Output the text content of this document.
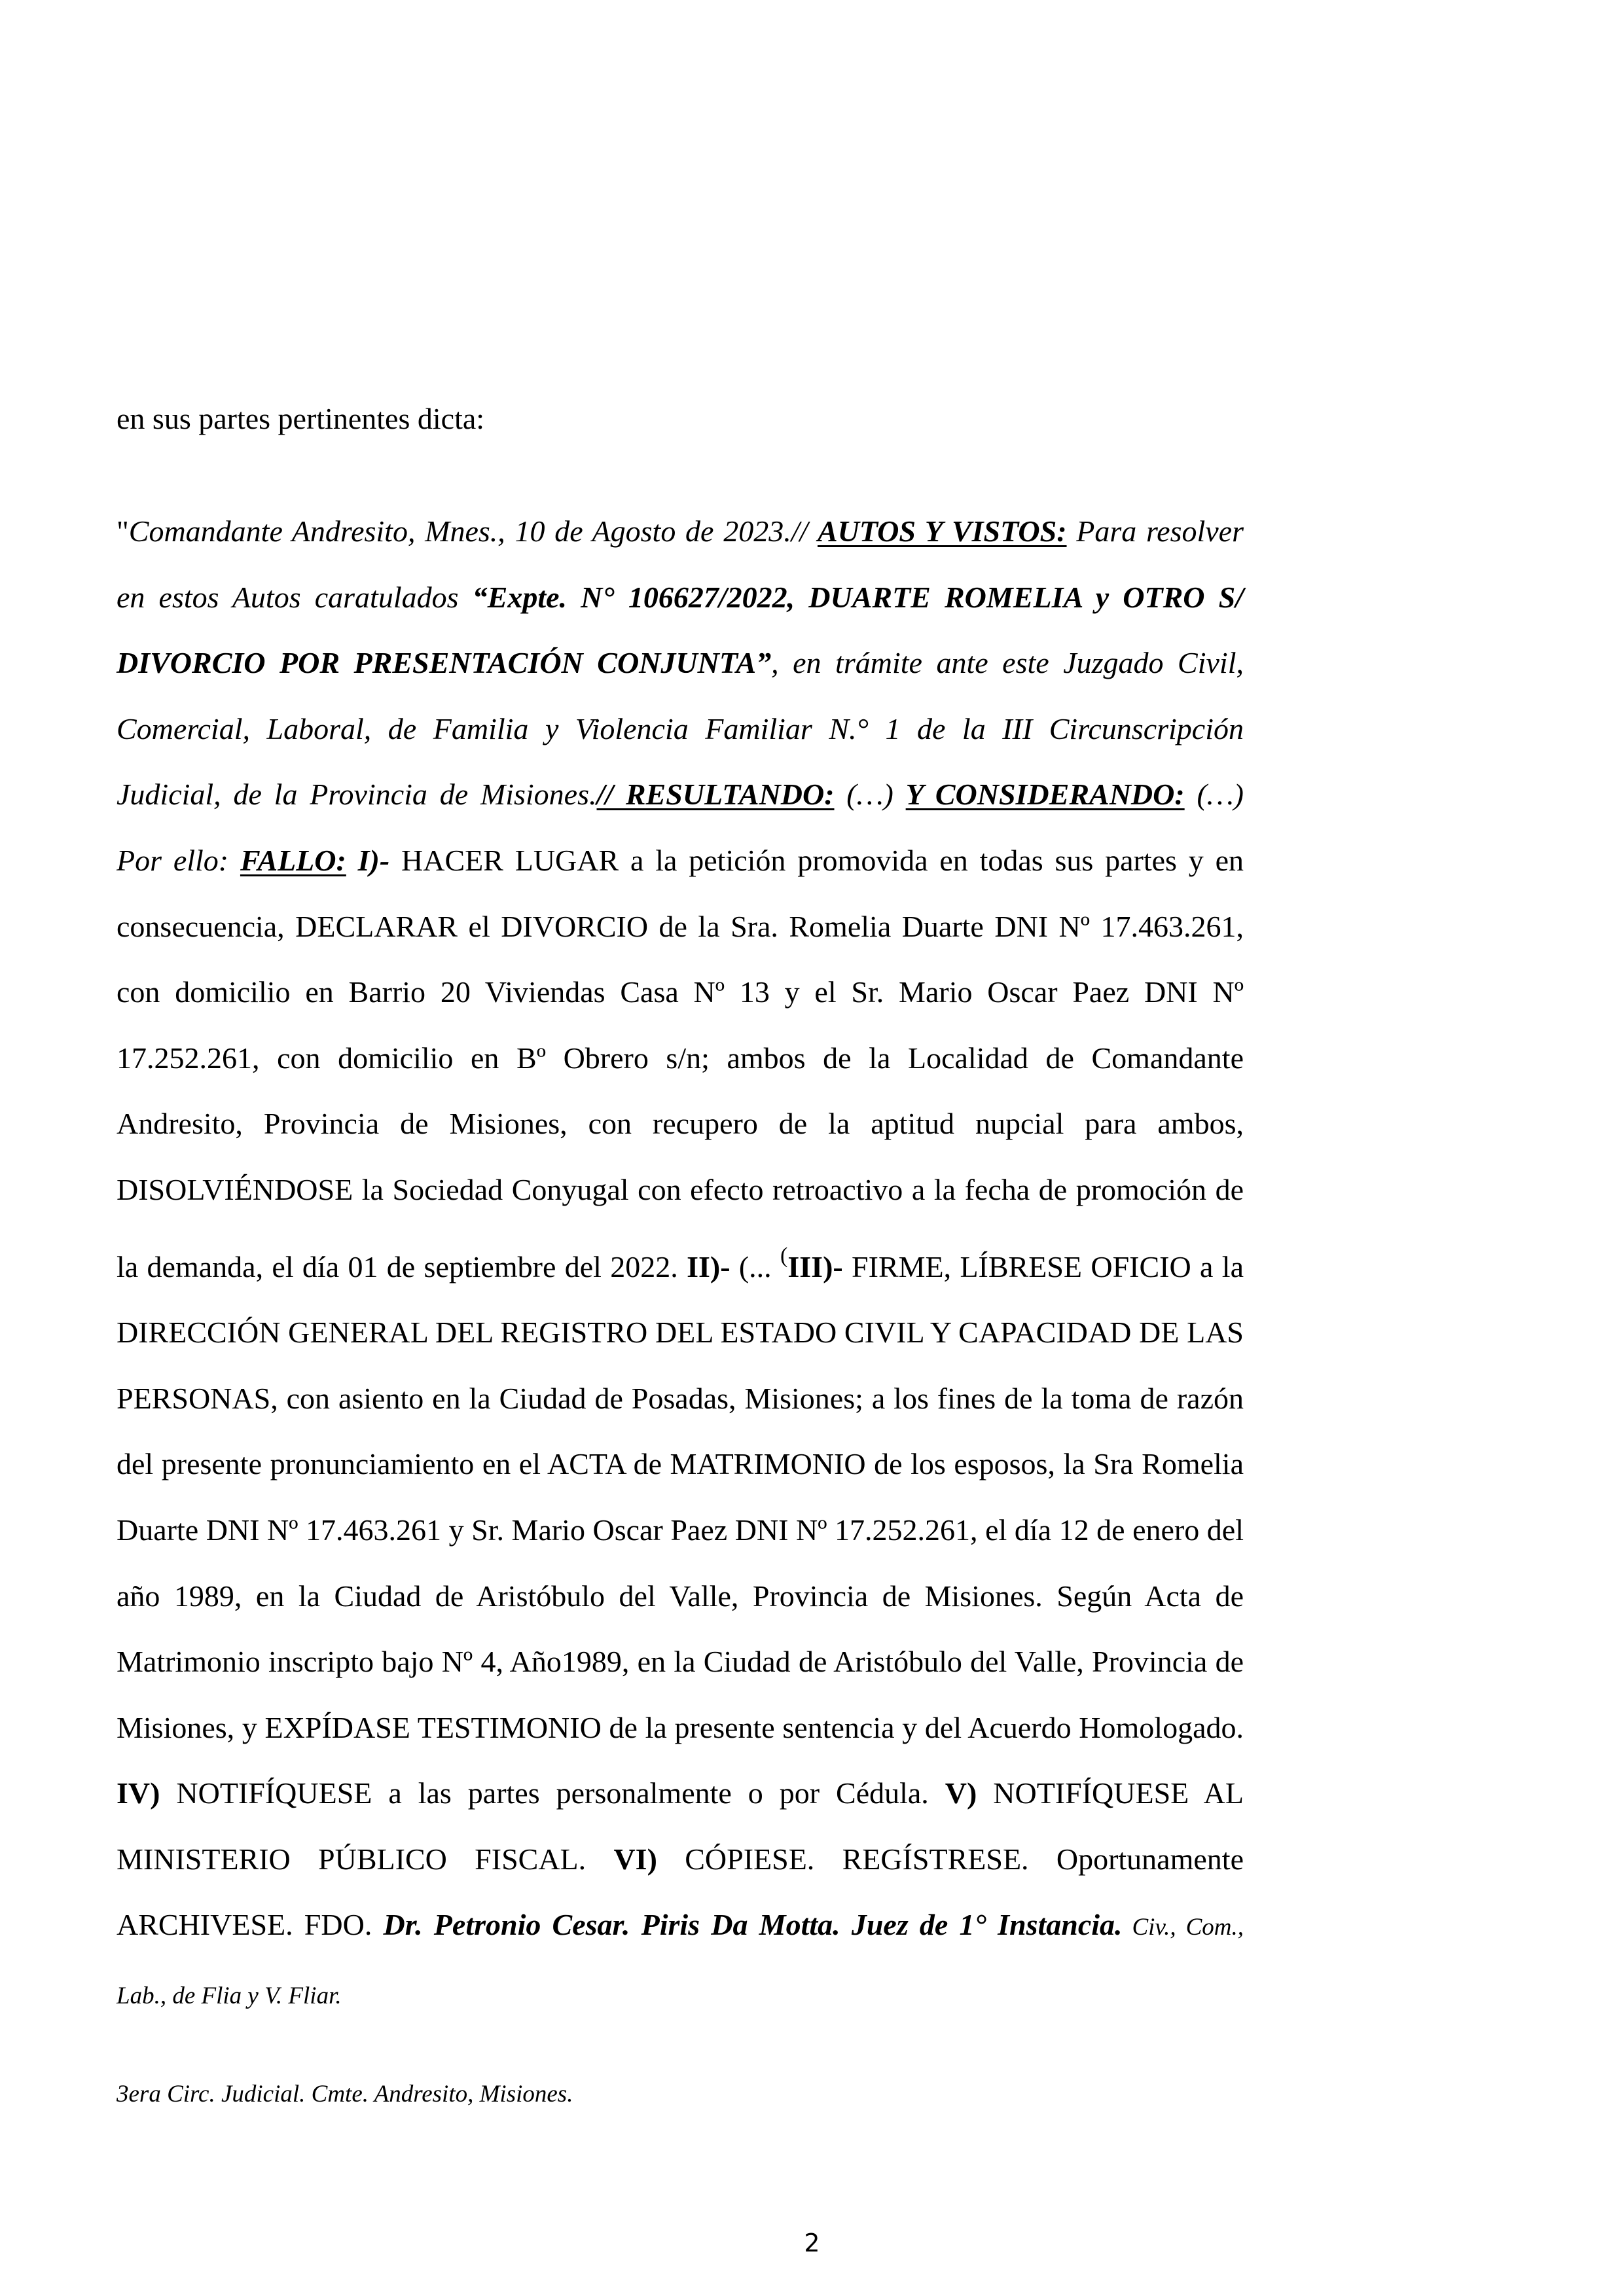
en sus partes pertinentes dicta:

"Comandante Andresito, Mnes., 10 de Agosto de 2023.// AUTOS Y VISTOS: Para resolver en estos Autos caratulados “Expte. N° 106627/2022, DUARTE ROMELIA y OTRO S/ DIVORCIO POR PRESENTACIÓN CONJUNTA”, en trámite ante este Juzgado Civil, Comercial, Laboral, de Familia y Violencia Familiar N.° 1 de la III Circunscripción Judicial, de la Provincia de Misiones.// RESULTANDO: (…) Y CONSIDERANDO: (…) Por ello: FALLO: I)- HACER LUGAR a la petición promovida en todas sus partes y en consecuencia, DECLARAR el DIVORCIO de la Sra. Romelia Duarte DNI Nº 17.463.261, con domicilio en Barrio 20 Viviendas Casa Nº 13 y el Sr. Mario Oscar Paez DNI Nº 17.252.261, con domicilio en Bº Obrero s/n; ambos de la Localidad de Comandante Andresito, Provincia de Misiones, con recupero de la aptitud nupcial para ambos, DISOLVIÉNDOSE la Sociedad Conyugal con efecto retroactivo a la fecha de promoción de la demanda, el día 01 de septiembre del 2022. II)- (... (III)- FIRME, LÍBRESE OFICIO a la DIRECCIÓN GENERAL DEL REGISTRO DEL ESTADO CIVIL Y CAPACIDAD DE LAS PERSONAS, con asiento en la Ciudad de Posadas, Misiones; a los fines de la toma de razón del presente pronunciamiento en el ACTA de MATRIMONIO de los esposos, la Sra Romelia Duarte DNI Nº 17.463.261 y Sr. Mario Oscar Paez DNI Nº 17.252.261, el día 12 de enero del año 1989, en la Ciudad de Aristóbulo del Valle, Provincia de Misiones. Según Acta de Matrimonio inscripto bajo Nº 4, Año1989, en la Ciudad de Aristóbulo del Valle, Provincia de Misiones, y EXPÍDASE TESTIMONIO de la presente sentencia y del Acuerdo Homologado. IV) NOTIFÍQUESE a las partes personalmente o por Cédula. V) NOTIFÍQUESE AL MINISTERIO PÚBLICO FISCAL. VI) CÓPIESE. REGÍSTRESE. Oportunamente ARCHIVESE. FDO. Dr. Petronio Cesar. Piris Da Motta. Juez de 1° Instancia. Civ., Com., Lab., de Flia y V. Fliar.

3era Circ. Judicial. Cmte. Andresito, Misiones.

2
